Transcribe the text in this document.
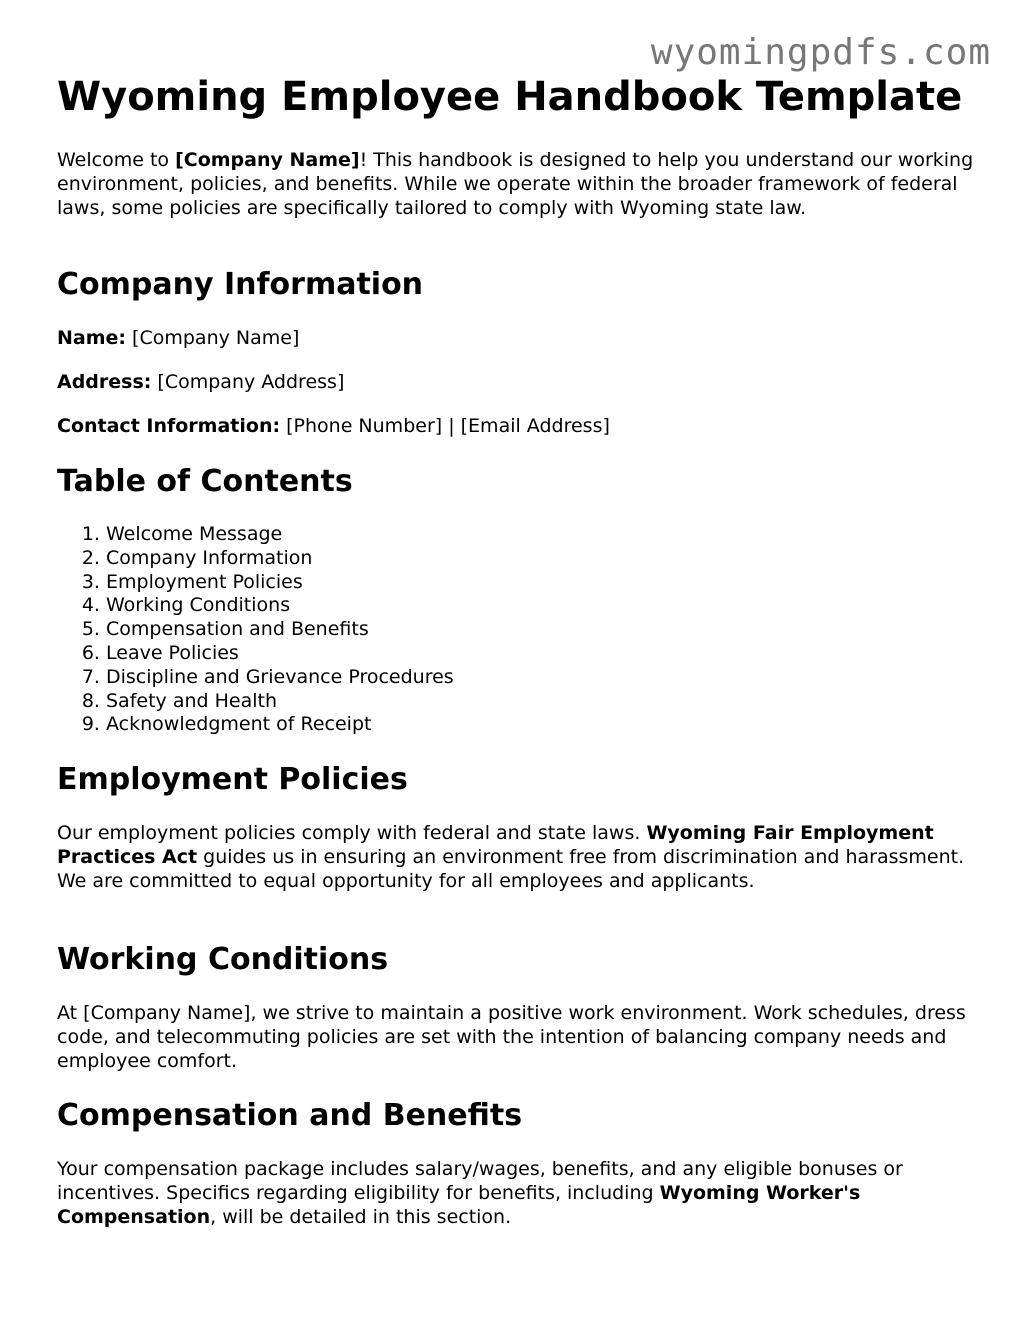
wyomingpdfs.com
Wyoming Employee Handbook Template

Welcome to [Company Name]! This handbook is designed to help you understand our working environment, policies, and benefits. While we operate within the broader framework of federal laws, some policies are specifically tailored to comply with Wyoming state law.

Company Information

Name: [Company Name]

Address: [Company Address]

Contact Information: [Phone Number] | [Email Address]

Table of Contents
1. Welcome Message
2. Company Information
3. Employment Policies
4. Working Conditions
5. Compensation and Benefits
6. Leave Policies
7. Discipline and Grievance Procedures
8. Safety and Health
9. Acknowledgment of Receipt
Employment Policies

Our employment policies comply with federal and state laws. Wyoming Fair Employment Practices Act guides us in ensuring an environment free from discrimination and harassment. We are committed to equal opportunity for all employees and applicants.

Working Conditions

At [Company Name], we strive to maintain a positive work environment. Work schedules, dress code, and telecommuting policies are set with the intention of balancing company needs and employee comfort.

Compensation and Benefits

Your compensation package includes salary/wages, benefits, and any eligible bonuses or incentives. Specifics regarding eligibility for benefits, including Wyoming Worker's Compensation, will be detailed in this section.
